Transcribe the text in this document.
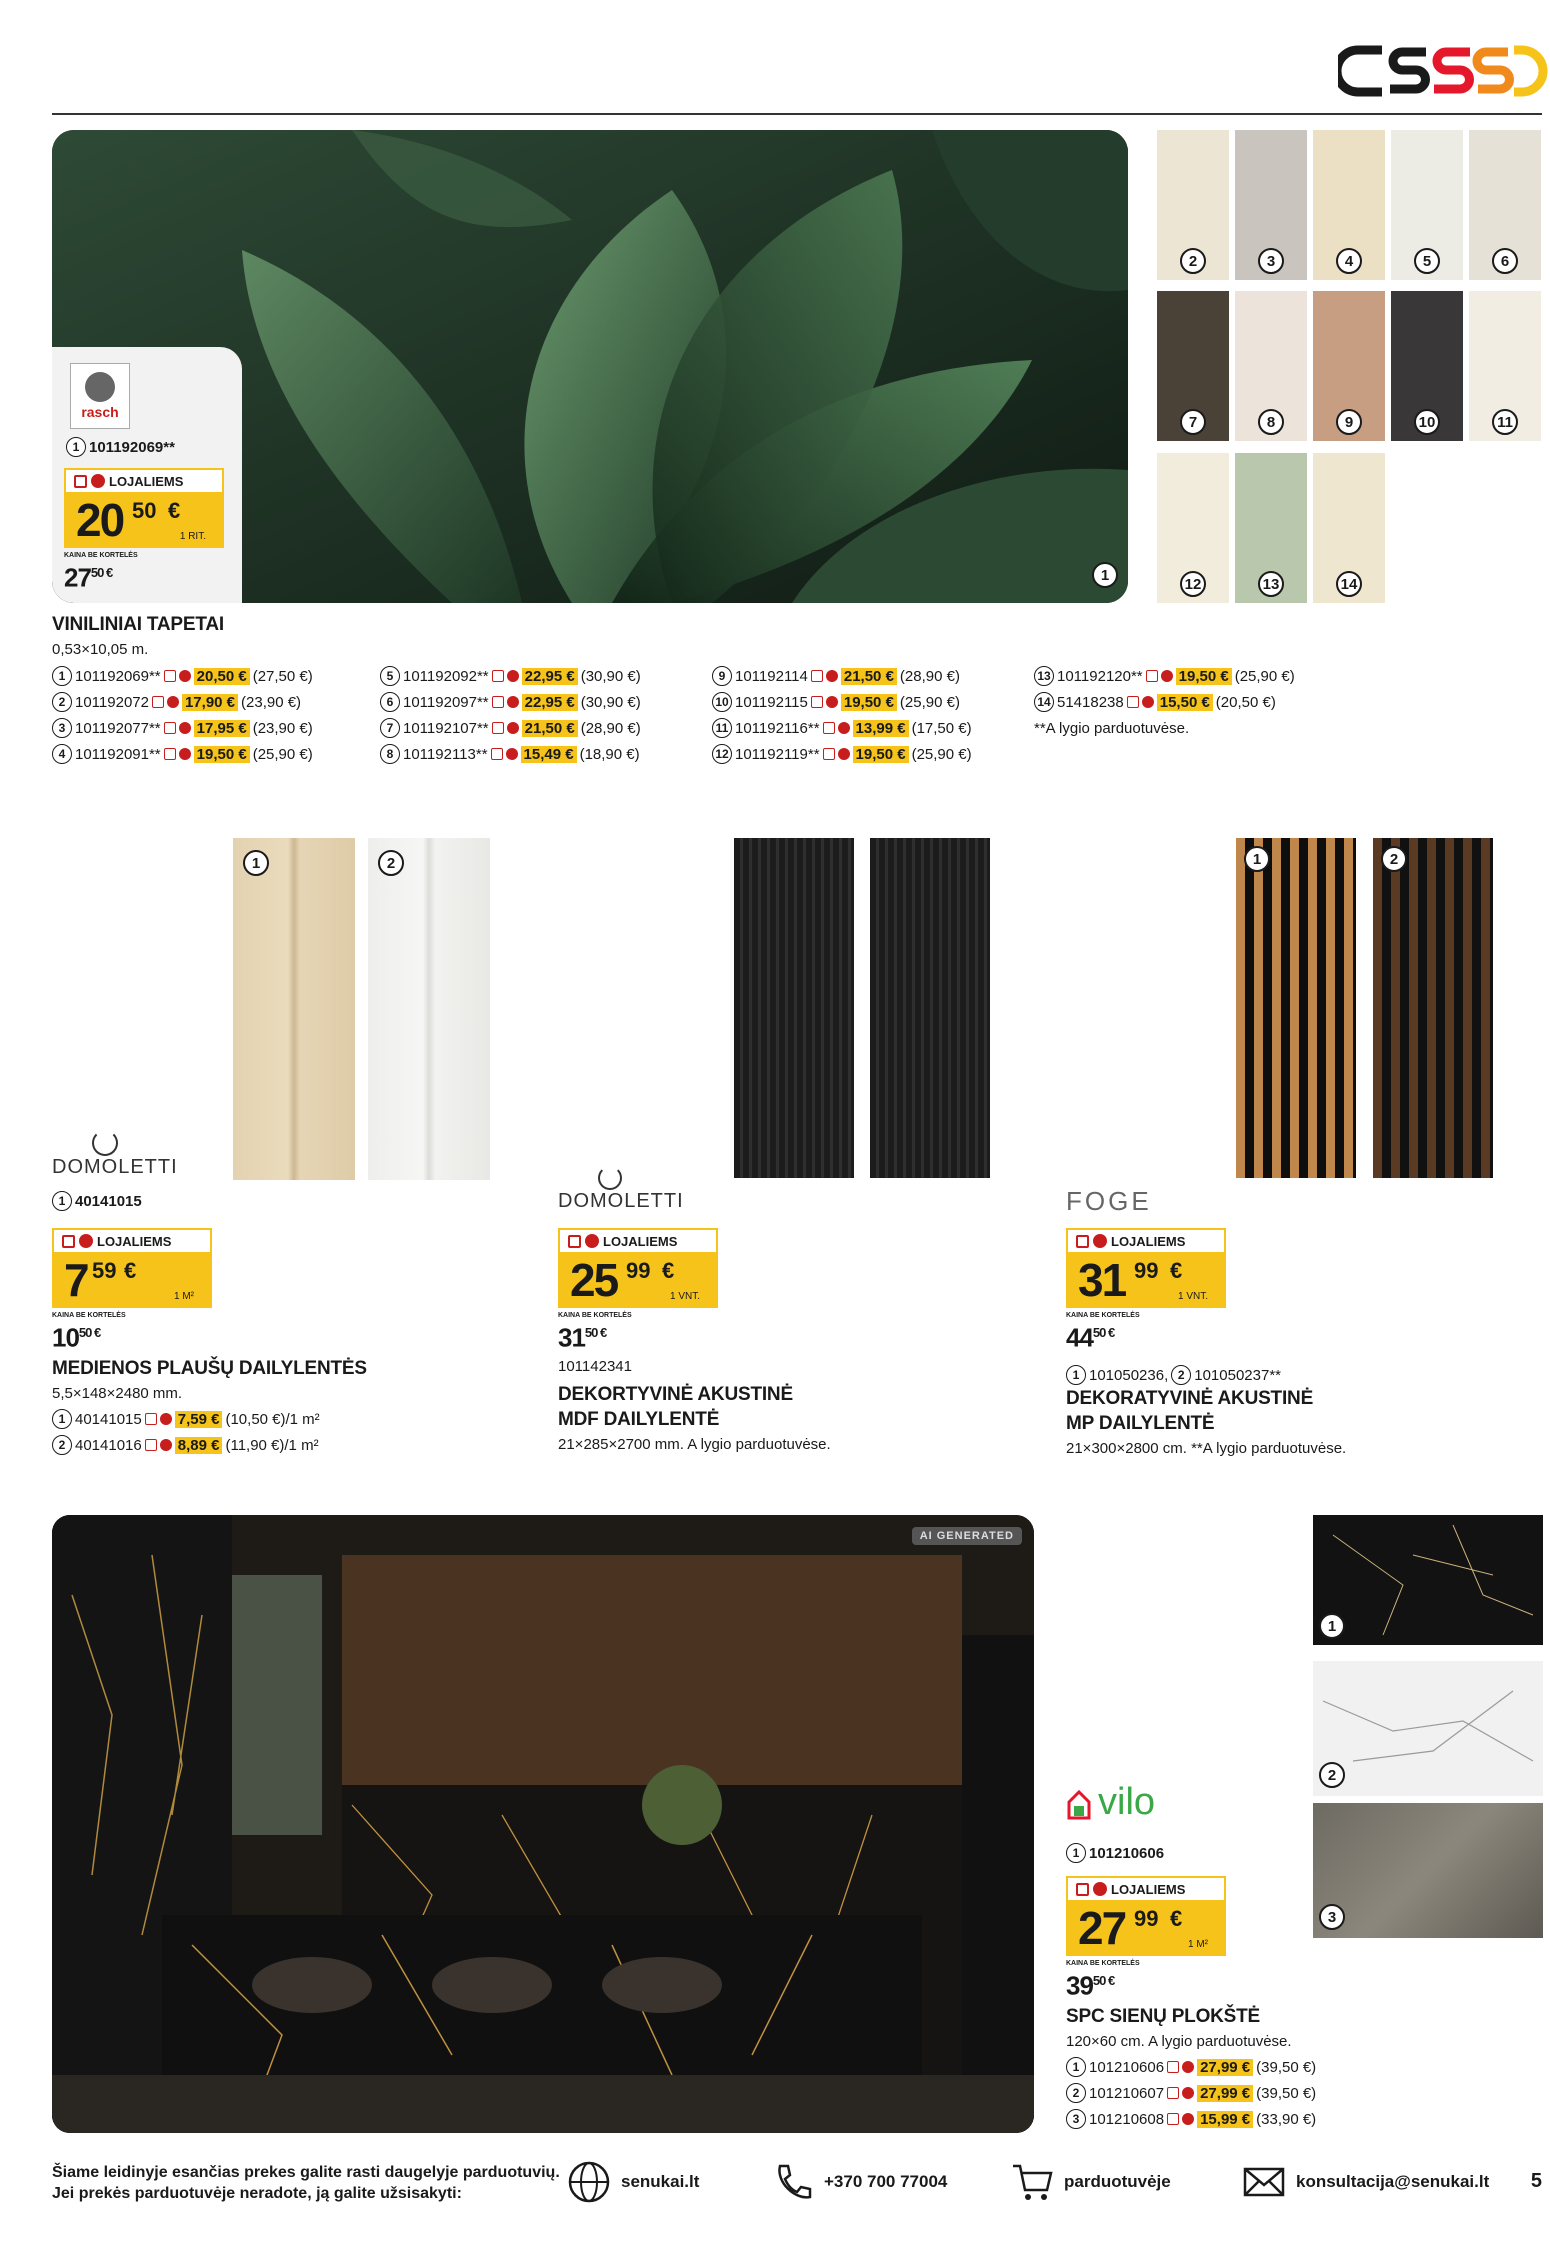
rasch
1 101192069**
LOJALIEMS
20 50 €
1 RIT.
KAINA BE KORTELĖS
$27^{50 €}$	1
2	3	4	5	6
7	8	9	10	11
12	13	14
VINILINIAI TAPETAI
0,53×10,05 m.
1 101192069** 20,50 € (27,50 €)
2 101192072 17,90 € (23,90 €)
3 101192077** 17,95 € (23,90 €)
4 101192091** 19,50 € (25,90 €)
5 101192092** 22,95 € (30,90 €)
6 101192097** 22,95 € (30,90 €)
7 101192107** 21,50 € (28,90 €)
8 101192113** 15,49 € (18,90 €)
9 101192114 21,50 € (28,90 €)
10 101192115 19,50 € (25,90 €)
11 101192116** 13,99 € (17,50 €)
12 101192119** 19,50 € (25,90 €)
13 101192120** 19,50 € (25,90 €)
14 51418238 15,50 € (20,50 €)
**A lygio parduotuvėse.
1	2
DOMOLETTI
1 40141015
LOJALIEMS
7 59 €
1 M²
KAINA BE KORTELĖS
$10^{50 €}$
MEDIENOS PLAUŠŲ DAILYLENTĖS
5,5×148×2480 mm.
1 40141015 7,59 € (10,50 €)/1 m²
2 40141016 8,89 € (11,90 €)/1 m²
DOMOLETTI
LOJALIEMS
25 99 €
1 VNT.
KAINA BE KORTELĖS
$31^{50 €}$
101142341
DEKORTYVINĖ AKUSTINĖ
MDF DAILYLENTĖ
21×285×2700 mm. A lygio parduotuvėse.
1	2
FOGE
LOJALIEMS
31 99 €
1 VNT.
KAINA BE KORTELĖS
$44^{50 €}$
1 101050236, 2 101050237**
DEKORATYVINĖ AKUSTINĖ
MP DAILYLENTĖ
21×300×2800 cm. **A lygio parduotuvėse.
AI GENERATED
1
2
3
vilo
1 101210606
LOJALIEMS
27 99 €
1 M²
KAINA BE KORTELĖS
$39^{50 €}$
SPC SIENŲ PLOKŠTĖ
120×60 cm. A lygio parduotuvėse.
1 101210606 27,99 € (39,50 €)
2 101210607 27,99 € (39,50 €)
3 101210608 15,99 € (33,90 €)
Šiame leidinyje esančias prekes galite rasti daugelyje parduotuvių.
Jei prekės parduotuvėje neradote, ją galite užsisakyti:
senukai.lt	+370 700 77004	parduotuvėje	konsultacija@senukai.lt 5
